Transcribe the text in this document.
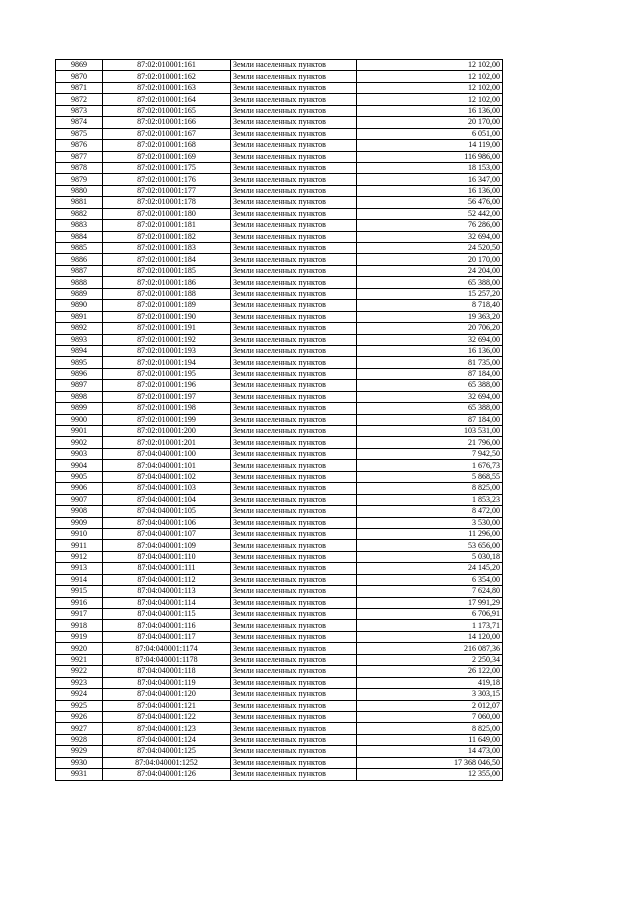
9869	87:02:010001:161	Земли населенных пунктов	12 102,00
9870	87:02:010001:162	Земли населенных пунктов	12 102,00
9871	87:02:010001:163	Земли населенных пунктов	12 102,00
9872	87:02:010001:164	Земли населенных пунктов	12 102,00
9873	87:02:010001:165	Земли населенных пунктов	16 136,00
9874	87:02:010001:166	Земли населенных пунктов	20 170,00
9875	87:02:010001:167	Земли населенных пунктов	6 051,00
9876	87:02:010001:168	Земли населенных пунктов	14 119,00
9877	87:02:010001:169	Земли населенных пунктов	116 986,00
9878	87:02:010001:175	Земли населенных пунктов	18 153,00
9879	87:02:010001:176	Земли населенных пунктов	16 347,00
9880	87:02:010001:177	Земли населенных пунктов	16 136,00
9881	87:02:010001:178	Земли населенных пунктов	56 476,00
9882	87:02:010001:180	Земли населенных пунктов	52 442,00
9883	87:02:010001:181	Земли населенных пунктов	76 286,00
9884	87:02:010001:182	Земли населенных пунктов	32 694,00
9885	87:02:010001:183	Земли населенных пунктов	24 520,50
9886	87:02:010001:184	Земли населенных пунктов	20 170,00
9887	87:02:010001:185	Земли населенных пунктов	24 204,00
9888	87:02:010001:186	Земли населенных пунктов	65 388,00
9889	87:02:010001:188	Земли населенных пунктов	15 257,20
9890	87:02:010001:189	Земли населенных пунктов	8 718,40
9891	87:02:010001:190	Земли населенных пунктов	19 363,20
9892	87:02:010001:191	Земли населенных пунктов	20 706,20
9893	87:02:010001:192	Земли населенных пунктов	32 694,00
9894	87:02:010001:193	Земли населенных пунктов	16 136,00
9895	87:02:010001:194	Земли населенных пунктов	81 735,00
9896	87:02:010001:195	Земли населенных пунктов	87 184,00
9897	87:02:010001:196	Земли населенных пунктов	65 388,00
9898	87:02:010001:197	Земли населенных пунктов	32 694,00
9899	87:02:010001:198	Земли населенных пунктов	65 388,00
9900	87:02:010001:199	Земли населенных пунктов	87 184,00
9901	87:02:010001:200	Земли населенных пунктов	103 531,00
9902	87:02:010001:201	Земли населенных пунктов	21 796,00
9903	87:04:040001:100	Земли населенных пунктов	7 942,50
9904	87:04:040001:101	Земли населенных пунктов	1 676,73
9905	87:04:040001:102	Земли населенных пунктов	5 868,55
9906	87:04:040001:103	Земли населенных пунктов	8 825,00
9907	87:04:040001:104	Земли населенных пунктов	1 853,23
9908	87:04:040001:105	Земли населенных пунктов	8 472,00
9909	87:04:040001:106	Земли населенных пунктов	3 530,00
9910	87:04:040001:107	Земли населенных пунктов	11 296,00
9911	87:04:040001:109	Земли населенных пунктов	53 656,00
9912	87:04:040001:110	Земли населенных пунктов	5 030,18
9913	87:04:040001:111	Земли населенных пунктов	24 145,20
9914	87:04:040001:112	Земли населенных пунктов	6 354,00
9915	87:04:040001:113	Земли населенных пунктов	7 624,80
9916	87:04:040001:114	Земли населенных пунктов	17 991,29
9917	87:04:040001:115	Земли населенных пунктов	6 706,91
9918	87:04:040001:116	Земли населенных пунктов	1 173,71
9919	87:04:040001:117	Земли населенных пунктов	14 120,00
9920	87:04:040001:1174	Земли населенных пунктов	216 087,36
9921	87:04:040001:1178	Земли населенных пунктов	2 250,34
9922	87:04:040001:118	Земли населенных пунктов	26 122,00
9923	87:04:040001:119	Земли населенных пунктов	419,18
9924	87:04:040001:120	Земли населенных пунктов	3 303,15
9925	87:04:040001:121	Земли населенных пунктов	2 012,07
9926	87:04:040001:122	Земли населенных пунктов	7 060,00
9927	87:04:040001:123	Земли населенных пунктов	8 825,00
9928	87:04:040001:124	Земли населенных пунктов	11 649,00
9929	87:04:040001:125	Земли населенных пунктов	14 473,00
9930	87:04:040001:1252	Земли населенных пунктов	17 368 046,50
9931	87:04:040001:126	Земли населенных пунктов	12 355,00
